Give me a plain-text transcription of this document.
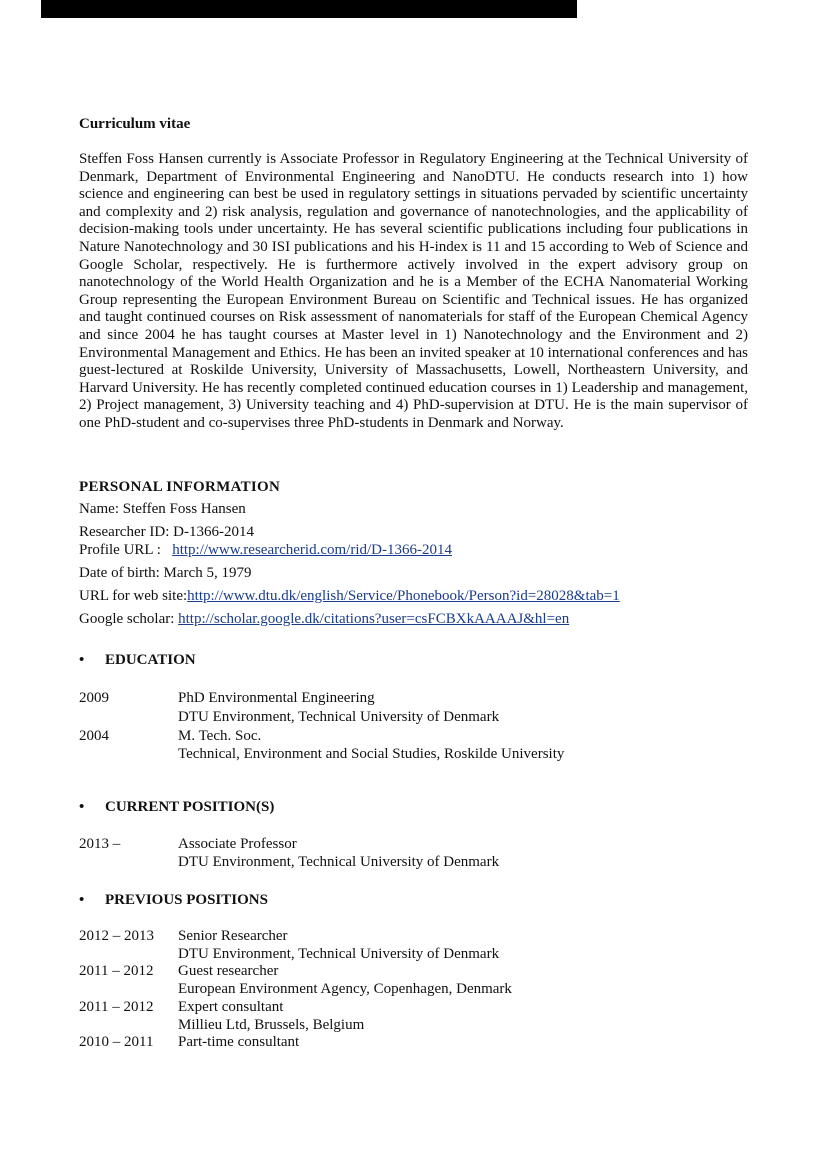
Curriculum vitae

Steffen Foss Hansen currently is Associate Professor in Regulatory Engineering at the Technical University of Denmark, Department of Environmental Engineering and NanoDTU. He conducts research into 1) how science and engineering can best be used in regulatory settings in situations pervaded by scientific uncertainty and complexity and 2) risk analysis, regulation and governance of nanotechnologies, and the applicability of decision-making tools under uncertainty. He has several scientific publications including four publications in Nature Nanotechnology and 30 ISI publications and his H-index is 11 and 15 according to Web of Science and Google Scholar, respectively. He is furthermore actively involved in the expert advisory group on nanotechnology of the World Health Organization and he is a Member of the ECHA Nanomaterial Working Group representing the European Environment Bureau on Scientific and Technical issues. He has organized and taught continued courses on Risk assessment of nanomaterials for staff of the European Chemical Agency and since 2004 he has taught courses at Master level in 1) Nanotechnology and the Environment and 2) Environmental Management and Ethics. He has been an invited speaker at 10 international conferences and has guest-lectured at Roskilde University, University of Massachusetts, Lowell, Northeastern University, and Harvard University. He has recently completed continued education courses in 1) Leadership and management, 2) Project management, 3) University teaching and 4) PhD-supervision at DTU. He is the main supervisor of one PhD-student and co-supervises three PhD-students in Denmark and Norway.

PERSONAL INFORMATION

Name: Steffen Foss Hansen

Researcher ID: D-1366-2014

Profile URL : http://www.researcherid.com/rid/D-1366-2014

Date of birth: March 5, 1979

URL for web site:http://www.dtu.dk/english/Service/Phonebook/Person?id=28028&tab=1

Google scholar: http://scholar.google.dk/citations?user=csFCBXkAAAAJ&hl=en

• EDUCATION
2009	PhD Environmental Engineering
DTU Environment, Technical University of Denmark
2004	M. Tech. Soc.
Technical, Environment and Social Studies, Roskilde University
• CURRENT POSITION(S)
2013 –	Associate Professor
DTU Environment, Technical University of Denmark
• PREVIOUS POSITIONS
2012 – 2013 Senior Researcher
DTU Environment, Technical University of Denmark
2011 – 2012 Guest researcher
European Environment Agency, Copenhagen, Denmark
2011 – 2012 Expert consultant
Millieu Ltd, Brussels, Belgium
2010 – 2011 Part-time consultant
